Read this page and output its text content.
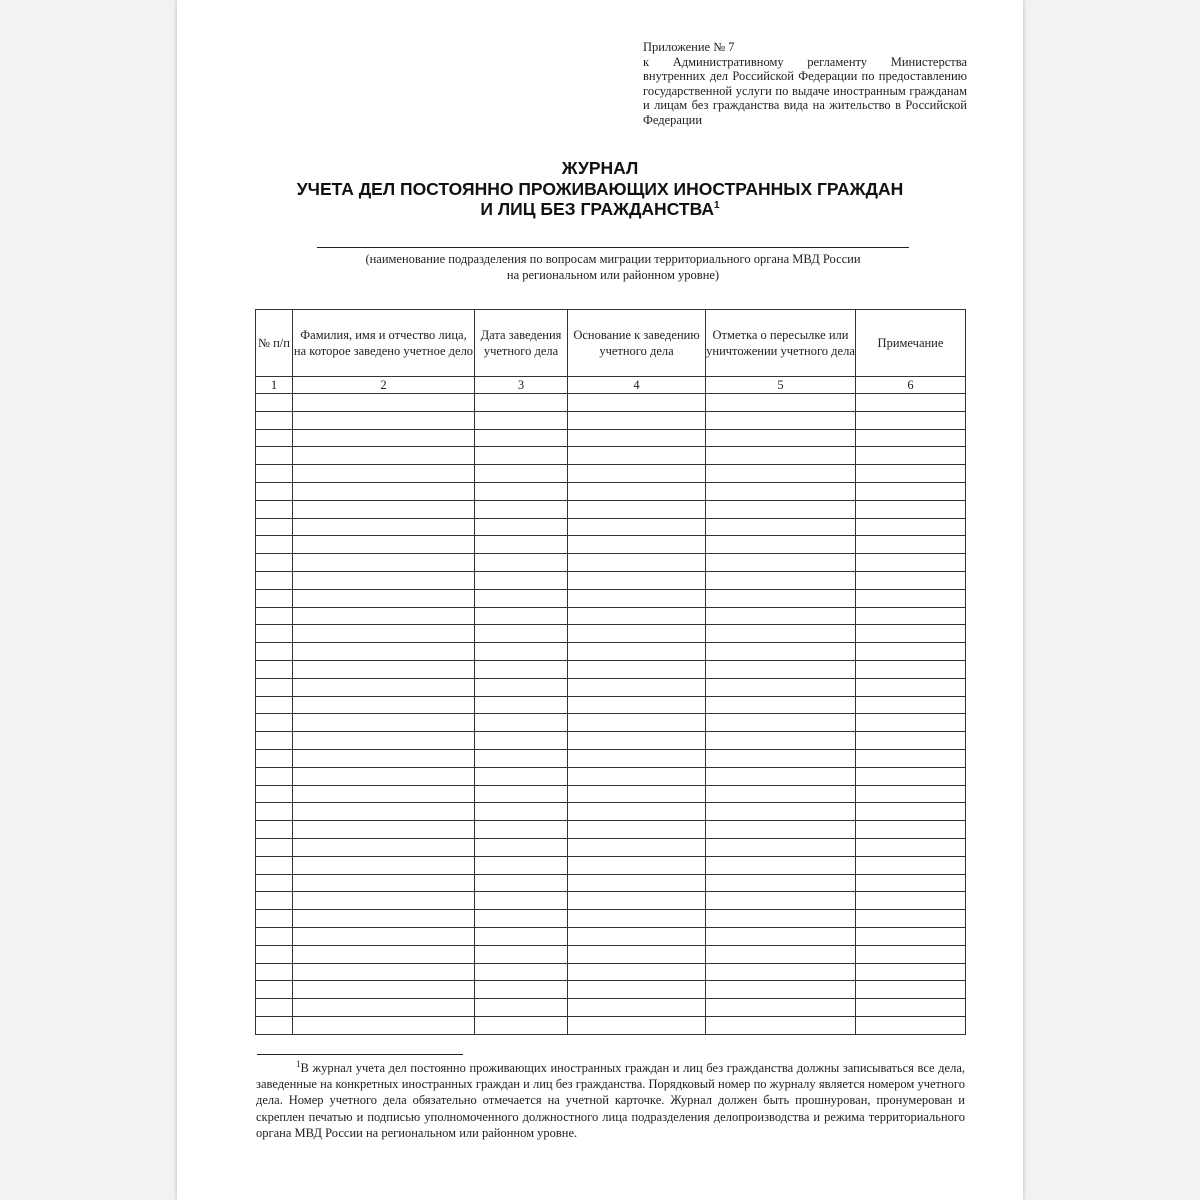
Приложение № 7
к Административному регламенту Министерства внутренних дел Российской Федерации по предоставлению государственной услуги по выдаче иностранным гражданам и лицам без гражданства вида на жительство в Российской Федерации
ЖУРНАЛ
УЧЕТА ДЕЛ ПОСТОЯННО ПРОЖИВАЮЩИХ ИНОСТРАННЫХ ГРАЖДАН
И ЛИЦ БЕЗ ГРАЖДАНСТВА$^1$
(наименование подразделения по вопросам миграции территориального органа МВД России
на региональном или районном уровне)
№ п/п	Фамилия, имя и отчество лица, на которое заведено учетное дело	Дата заведения учетного дела	Основание к заведению учетного дела	Отметка о пересылке или уничтожении учетного дела	Примечание
1	2	3	4	5	6

$^1$В журнал учета дел постоянно проживающих иностранных граждан и лиц без гражданства должны записываться все дела, заведенные на конкретных иностранных граждан и лиц без гражданства. Порядковый номер по журналу является номером учетного дела. Номер учетного дела обязательно отмечается на учетной карточке. Журнал должен быть прошнурован, пронумерован и скреплен печатью и подписью уполномоченного должностного лица подразделения делопроизводства и режима территориального органа МВД России на региональном или районном уровне.
